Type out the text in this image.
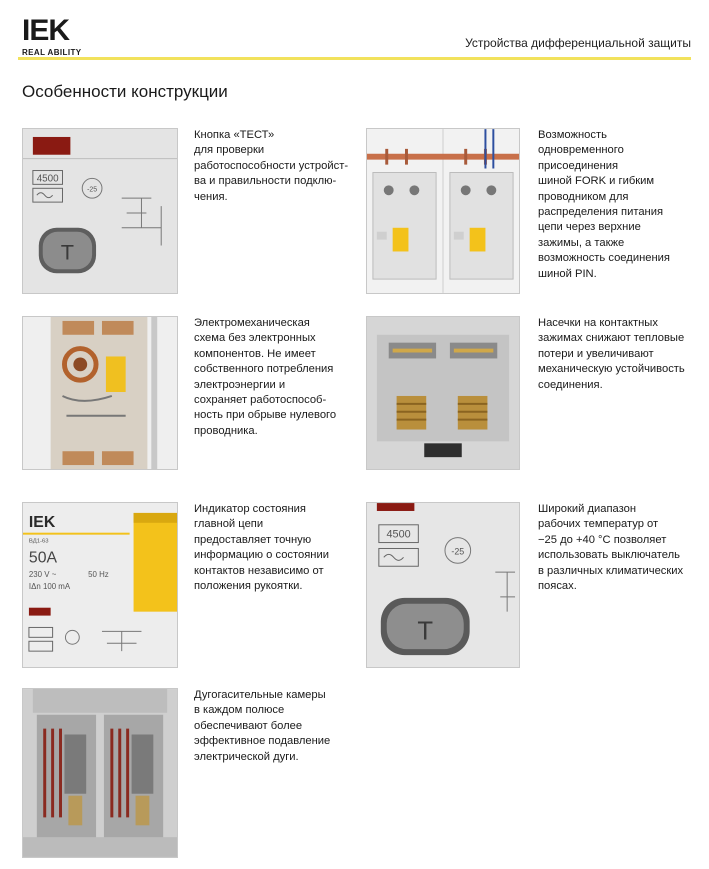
IEK
REAL ABILITY
Устройства дифференциальной защиты
Особенности конструкции
4500
-25
T
Кнопка «ТЕСТ»
для проверки
работоспособности устройст-
ва и правильности подклю-
чения.
Возможность
одновременного
присоединения
шиной FORK и гибким
проводником для
распределения питания
цепи через верхние
зажимы, а также
возможность соединения
шиной PIN.
Электромеханическая
схема без электронных
компонентов. Не имеет
собственного потребления
электроэнергии и
сохраняет работоспособ-
ность при обрыве нулевого
проводника.
Насечки на контактных
зажимах снижают тепловые
потери и увеличивают
механическую устойчивость
соединения.
IEK
ВД1-63
50A
230 V ~	50 Hz
IΔn 100 mA
Индикатор состояния
главной цепи
предоставляет точную
информацию о состоянии
контактов независимо от
положения рукоятки.
4500
-25
T
Широкий диапазон
рабочих температур от
−25 до +40 °С позволяет
использовать выключатель
в различных климатических
поясах.
Дугогасительные камеры
в каждом полюсе
обеспечивают более
эффективное подавление
электрической дуги.
